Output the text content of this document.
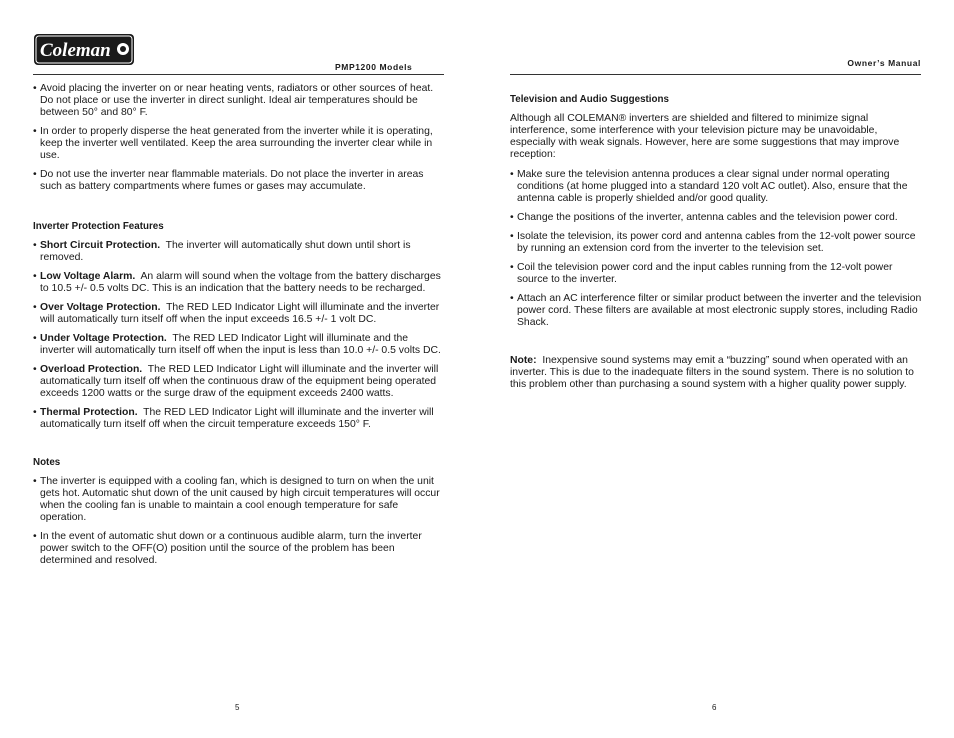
Coleman
PMP1200 Models	Owner’s Manual
• Avoid placing the inverter on or near heating vents, radiators or other sources of heat. Do not place or use the inverter in direct sunlight. Ideal air temperatures should be between 50° and 80° F.
• In order to properly disperse the heat generated from the inverter while it is operating, keep the inverter well ventilated. Keep the area surrounding the inverter clear while in use.
• Do not use the inverter near flammable materials. Do not place the inverter in areas such as battery compartments where fumes or gases may accumulate.
Inverter Protection Features
• Short Circuit Protection. The inverter will automatically shut down until short is removed.
• Low Voltage Alarm. An alarm will sound when the voltage from the battery discharges to 10.5 +/- 0.5 volts DC. This is an indication that the battery needs to be recharged.
• Over Voltage Protection. The RED LED Indicator Light will illuminate and the inverter will automatically turn itself off when the input exceeds 16.5 +/- 1 volt DC.
• Under Voltage Protection. The RED LED Indicator Light will illuminate and the inverter will automatically turn itself off when the input is less than 10.0 +/- 0.5 volts DC.
• Overload Protection. The RED LED Indicator Light will illuminate and the inverter will automatically turn itself off when the continuous draw of the equipment being operated exceeds 1200 watts or the surge draw of the equipment exceeds 2400 watts.
• Thermal Protection. The RED LED Indicator Light will illuminate and the inverter will automatically turn itself off when the circuit temperature exceeds 150° F.
Notes
• The inverter is equipped with a cooling fan, which is designed to turn on when the unit gets hot. Automatic shut down of the unit caused by high circuit temperatures will occur when the cooling fan is unable to maintain a cool enough temperature for safe operation.
• In the event of automatic shut down or a continuous audible alarm, turn the inverter power switch to the OFF(O) position until the source of the problem has been determined and resolved.
5
Television and Audio Suggestions
Although all COLEMAN® inverters are shielded and filtered to minimize signal interference, some interference with your television picture may be unavoidable, especially with weak signals. However, here are some suggestions that may improve reception:
• Make sure the television antenna produces a clear signal under normal operating conditions (at home plugged into a standard 120 volt AC outlet). Also, ensure that the antenna cable is properly shielded and/or good quality.
• Change the positions of the inverter, antenna cables and the television power cord.
• Isolate the television, its power cord and antenna cables from the 12-volt power source by running an extension cord from the inverter to the television set.
• Coil the television power cord and the input cables running from the 12-volt power source to the inverter.
• Attach an AC interference filter or similar product between the inverter and the television power cord. These filters are available at most electronic supply stores, including Radio Shack.
Note: Inexpensive sound systems may emit a “buzzing” sound when operated with an inverter. This is due to the inadequate filters in the sound system. There is no solution to this problem other than purchasing a sound system with a higher quality power supply.
6
